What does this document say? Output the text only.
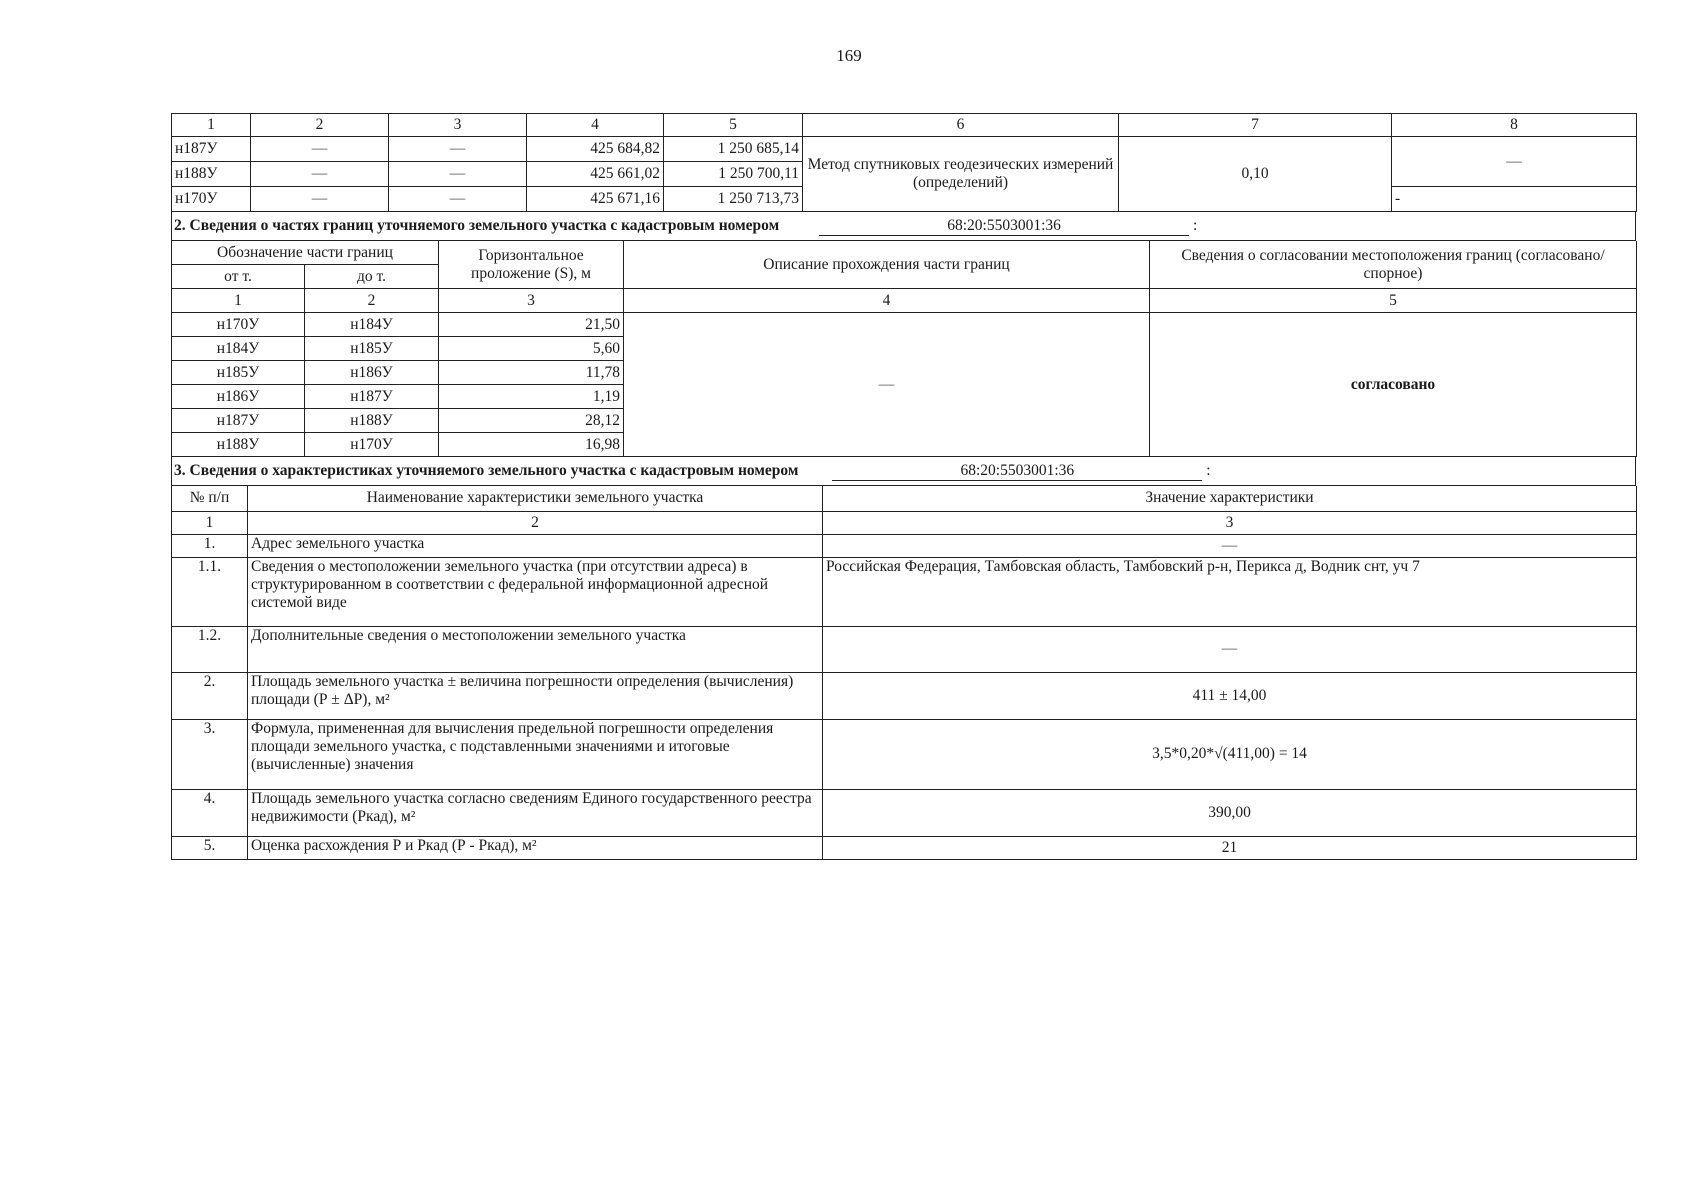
169
1	2	3	4	5	6	7	8
н187У	—	—	425 684,82	1 250 685,14	Метод спутниковых геодезических измерений (определений)	0,10	—
н188У	—	—	425 661,02	1 250 700,11			
н170У	—	—	425 671,16	1 250 713,73			-
2. Сведения о частях границ уточняемого земельного участка с кадастровым номером	68:20:5503001:36	:
Обозначение части границ		Горизонтальное проложение (S), м	Описание прохождения части границ	Сведения о согласовании местоположения границ (согласовано/спорное)
от т.	до т.			
1	2	3	4	5
н170У	н184У	21,50	—	согласовано
н184У	н185У	5,60		
н185У	н186У	11,78		
н186У	н187У	1,19		
н187У	н188У	28,12		
н188У	н170У	16,98		
3. Сведения о характеристиках уточняемого земельного участка с кадастровым номером	68:20:5503001:36	:
№ п/п	Наименование характеристики земельного участка	Значение характеристики
1	2	3
1.	Адрес земельного участка	—
1.1.	Сведения о местоположении земельного участка (при отсутствии адреса) в структурированном в соответствии с федеральной информационной адресной системой виде	Российская Федерация, Тамбовская область, Тамбовский р-н, Периксa д, Водник снт, уч 7
1.2.	Дополнительные сведения о местоположении земельного участка	—
2.	Площадь земельного участка ± величина погрешности определения (вычисления) площади (Р ± ΔР), м²	411 ± 14,00
3.	Формула, примененная для вычисления предельной погрешности определения площади земельного участка, с подставленными значениями и итоговые (вычисленные) значения	3,5*0,20*√(411,00) = 14
4.	Площадь земельного участка согласно сведениям Единого государственного реестра недвижимости (Ркад), м²	390,00
5.	Оценка расхождения Р и Ркад (Р - Ркад), м²	21
